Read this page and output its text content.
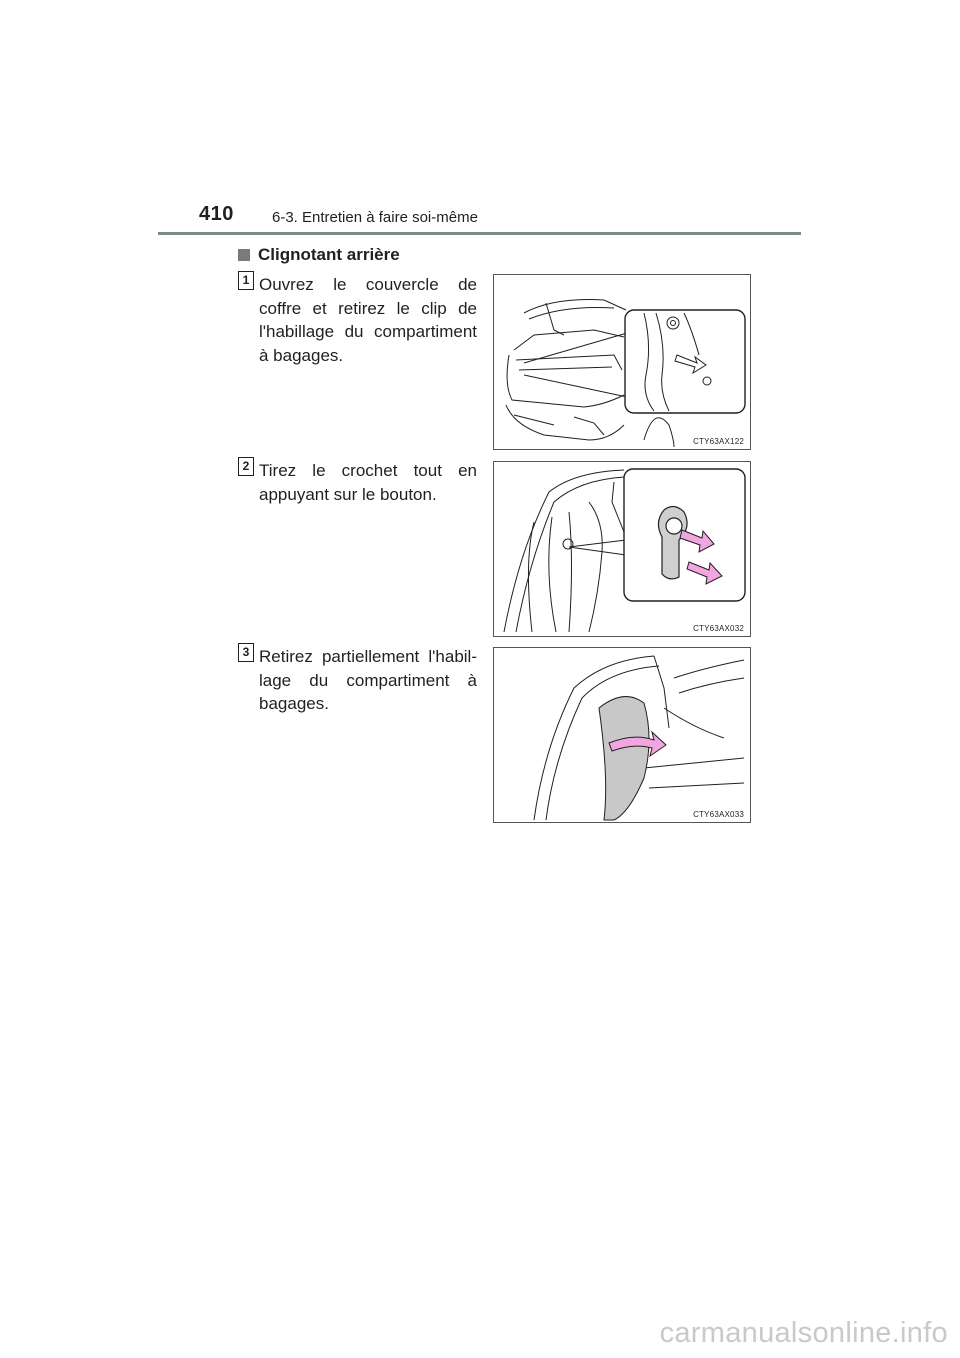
410	6-3. Entretien à faire soi-même
Clignotant arrière
1 Ouvrez le couvercle de coffre et retirez le clip de l'habillage du compartiment à bagages.
CTY63AX122
2 Tirez le crochet tout en appuyant sur le bouton.
CTY63AX032
3 Retirez partiellement l'habil-lage du compartiment à bagages.
CTY63AX033
carmanualsonline.info
